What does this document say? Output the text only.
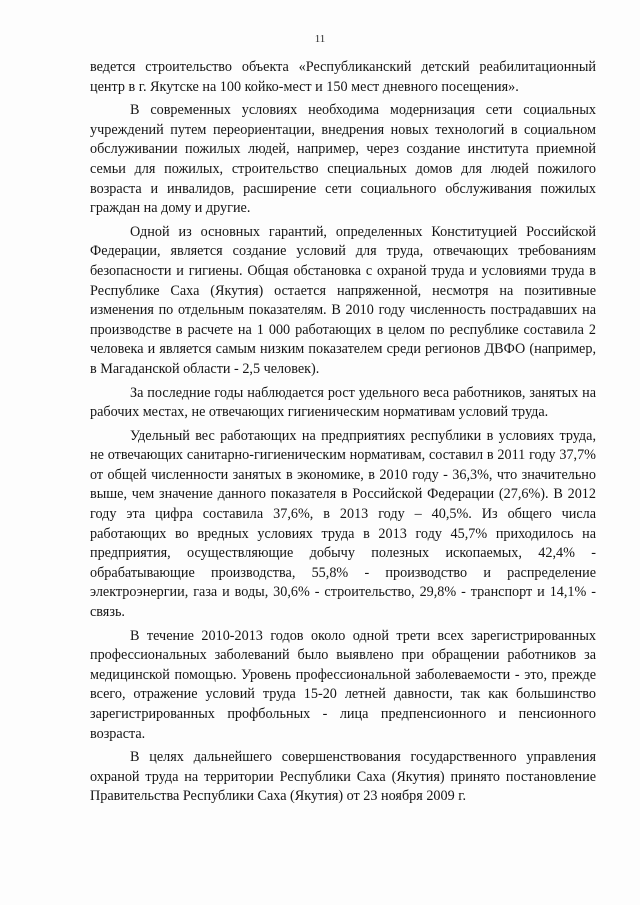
11

ведется строительство объекта «Республиканский детский реабилитационный центр в г. Якутске на 100 койко-мест и 150 мест дневного посещения».

В современных условиях необходима модернизация сети социальных учреждений путем переориентации, внедрения новых технологий в социальном обслуживании пожилых людей, например, через создание института приемной семьи для пожилых, строительство специальных домов для людей пожилого возраста и инвалидов, расширение сети социального обслуживания пожилых граждан на дому и другие.

Одной из основных гарантий, определенных Конституцией Российской Федерации, является создание условий для труда, отвечающих требованиям безопасности и гигиены. Общая обстановка с охраной труда и условиями труда в Республике Саха (Якутия) остается напряженной, несмотря на позитивные изменения по отдельным показателям. В 2010 году численность пострадавших на производстве в расчете на 1 000 работающих в целом по республике составила 2 человека и является самым низким показателем среди регионов ДВФО (например, в Магаданской области - 2,5 человек).

За последние годы наблюдается рост удельного веса работников, занятых на рабочих местах, не отвечающих гигиеническим нормативам условий труда.

Удельный вес работающих на предприятиях республики в условиях труда, не отвечающих санитарно-гигиеническим нормативам, составил в 2011 году 37,7% от общей численности занятых в экономике, в 2010 году - 36,3%, что значительно выше, чем значение данного показателя в Российской Федерации (27,6%). В 2012 году эта цифра составила 37,6%, в 2013 году – 40,5%. Из общего числа работающих во вредных условиях труда в 2013 году 45,7% приходилось на предприятия, осуществляющие добычу полезных ископаемых, 42,4% - обрабатывающие производства, 55,8% - производство и распределение электроэнергии, газа и воды, 30,6% - строительство, 29,8% - транспорт и 14,1% - связь.

В течение 2010-2013 годов около одной трети всех зарегистрированных профессиональных заболеваний было выявлено при обращении работников за медицинской помощью. Уровень профессиональной заболеваемости - это, прежде всего, отражение условий труда 15-20 летней давности, так как большинство зарегистрированных профбольных - лица предпенсионного и пенсионного возраста.

В целях дальнейшего совершенствования государственного управления охраной труда на территории Республики Саха (Якутия) принято постановление Правительства Республики Саха (Якутия) от 23 ноября 2009 г.
